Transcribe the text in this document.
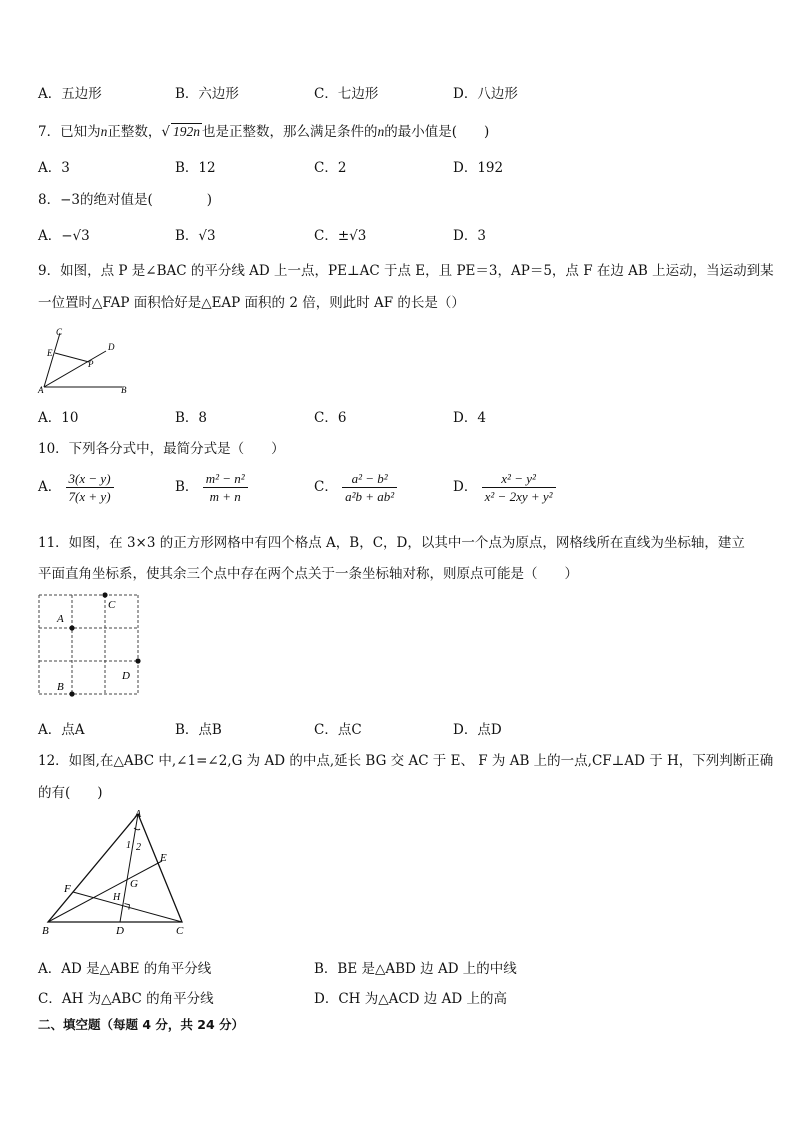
A．五边形	B．六边形	C．七边形	D．八边形
7．已知为n正整数，√ 192n 也是正整数，那么满足条件的n的最小值是(　　)
A．3	B．12	C．2	D．192
8．−3的绝对值是(　　　　)
A．−√3	B．√3	C．±√3	D．3
9．如图，点 P 是∠BAC 的平分线 AD 上一点，PE⊥AC 于点 E，且 PE＝3，AP＝5，点 F 在边 AB 上运动，当运动到某
一位置时△FAP 面积恰好是△EAP 面积的 2 倍，则此时 AF 的长是（）
C
D
E
P
A	B
A．10	B．8	C．6	D．4
10．下列各分式中，最简分式是（　　）
A． $\frac{3(x - y)}{7(x + y)}$	B． $\frac{\text{m² − n²}}{m + n}$	C． $\frac{\text{a² − b²}}{\text{a²b + ab²}}$	D． $\frac{\text{x² − y²}}{\text{x² − 2xy + y²}}$
11．如图，在 3×3 的正方形网格中有四个格点 A，B，C，D，以其中一个点为原点，网格线所在直线为坐标轴，建立
平面直角坐标系，使其余三个点中存在两个点关于一条坐标轴对称，则原点可能是（　　）
C
A
D
B
A．点A	B．点B	C．点C	D．点D
12．如图,在△ABC 中,∠1=∠2,G 为 AD 的中点,延长 BG 交 AC 于 E、 F 为 AB 上的一点,CF⊥AD 于 H，下列判断正确
的有(　　)
A
1 2
E
F	G
H
B	D	C
A．AD 是△ABE 的角平分线	B．BE 是△ABD 边 AD 上的中线
C．AH 为△ABC 的角平分线	D．CH 为△ACD 边 AD 上的高
二、填空题（每题 4 分，共 24 分）
